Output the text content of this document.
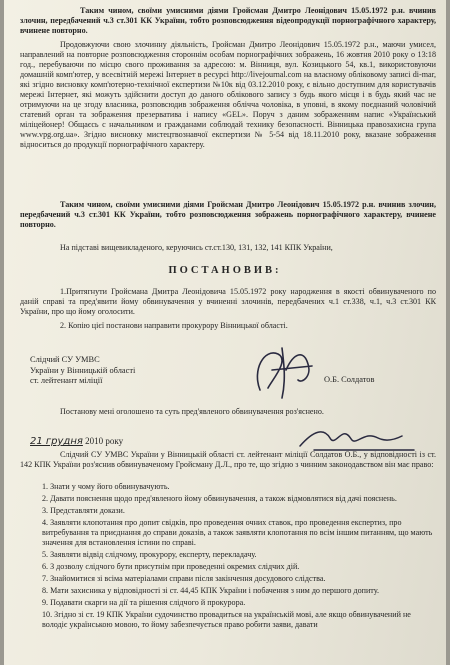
Таким чином, своїми умисними діями Гройсман Дмитро Леонідович 15.05.1972 р.н. вчинив злочин, передбачений ч.3 ст.301 КК України, тобто розповсюдження відеопродукції порнографічного характеру, вчинене повторно.

Продовжуючи свою злочинну діяльність, Гройсман Дмитро Леонідович 15.05.1972 р.н., маючи умисел, направлений на повторне розповсюдження стороннім особам порнографічних зображень, 16 жовтня 2010 року о 13:18 год., перебуваючи по місцю свого проживання за адресою: м. Вінниця, вул. Козицького 54, кв.1, використовуючи домашній комп'ютер, у всесвітній мережі Інтернет в ресурсі http://livejournal.com на власному обліковому записі di-mar, які згідно висновку комп'ютерно-технічної експертизи №10к від 03.12.2010 року, є вільно доступним для користувачів мережі Інтернет, які можуть здійснити доступ до даного облікового запису з будь якого місця і в будь який час не отримуючи на це згоду власника, розповсюдив зображення облічча чоловіка, в уповні, в якому поєднаний чоловічий статевий орган та зображення презерватива і напису «GEL». Поруч з даним зображенням напис «Український міліцейонер! Общаєсь с начальником и гражданами соблюдай технику безопасності. Вінницька правозахисна група www.vpg.org.ua». Згідно висновку мистецтвознавчої експертизи № 5-54 від 18.11.2010 року, вказане зображення відноситься до продукції порнографічного характеру.

Таким чином, своїми умисними діями Гройсман Дмитро Леонідович 15.05.1972 р.н. вчинив злочин, передбачений ч.3 ст.301 КК України, тобто розповсюдження зображень порнографічного характеру, вчинене повторно.

На підставі вищевикладеного, керуючись ст.ст.130, 131, 132, 141 КПК України,

ПОСТАНОВИВ:

1.Притягнути Гройсмана Дмитра Леонідовича 15.05.1972 року народження в якості обвинуваченого по даній справі та пред'явити йому обвинувачення у вчиненні злочинів, передбачених ч.1 ст.338, ч.1, ч.3 ст.301 КК України, про що йому оголосити.

2. Копію цієї постанови направити прокурору Вінницької області.

Слідчий СУ УМВС
України у Вінницькій області
ст. лейтенант міліції	О.Б. Солдатов

Постанову мені оголошено та суть пред'явленого обвинувачення роз'яснено.

21 грудня 2010 року

Слідчий СУ УМВС України у Вінницькій області ст. лейтенант міліції Солдатов О.Б., у відповідності із ст. 142 КПК України роз'яснив обвинуваченому Гройсману Д.Л., про те, що згідно з чинним законодавством він має право:

1. Знати у чому його обвинувачують.
2. Давати пояснення щодо пред'явленого йому обвинувачення, а також відмовлятися від дачі пояснень.
3. Представляти докази.
4. Заявляти клопотання про допит свідків, про проведення очних ставок, про проведення експертиз, про витребування та приєднання до справи доказів, а також заявляти клопотання по всім іншим питанням, що мають значення для встановлення істини по справі.
5. Заявляти відвід слідчому, прокурору, експерту, перекладачу.
6. З дозволу слідчого бути присутнім при проведенні окремих слідчих дій.
7. Знайомитися зі всіма матеріалами справи після закінчення досудового слідства.
8. Мати захисника у відповідності зі ст. 44,45 КПК України і побачення з ним до першого допиту.
9. Подавати скарги на дії та рішення слідчого й прокурора.
10. Згідно зі ст. 19 КПК України судочинство провадиться на українській мові, але якщо обвинувачений не володіє українською мовою, то йому забезпечується право робити заяви, давати
